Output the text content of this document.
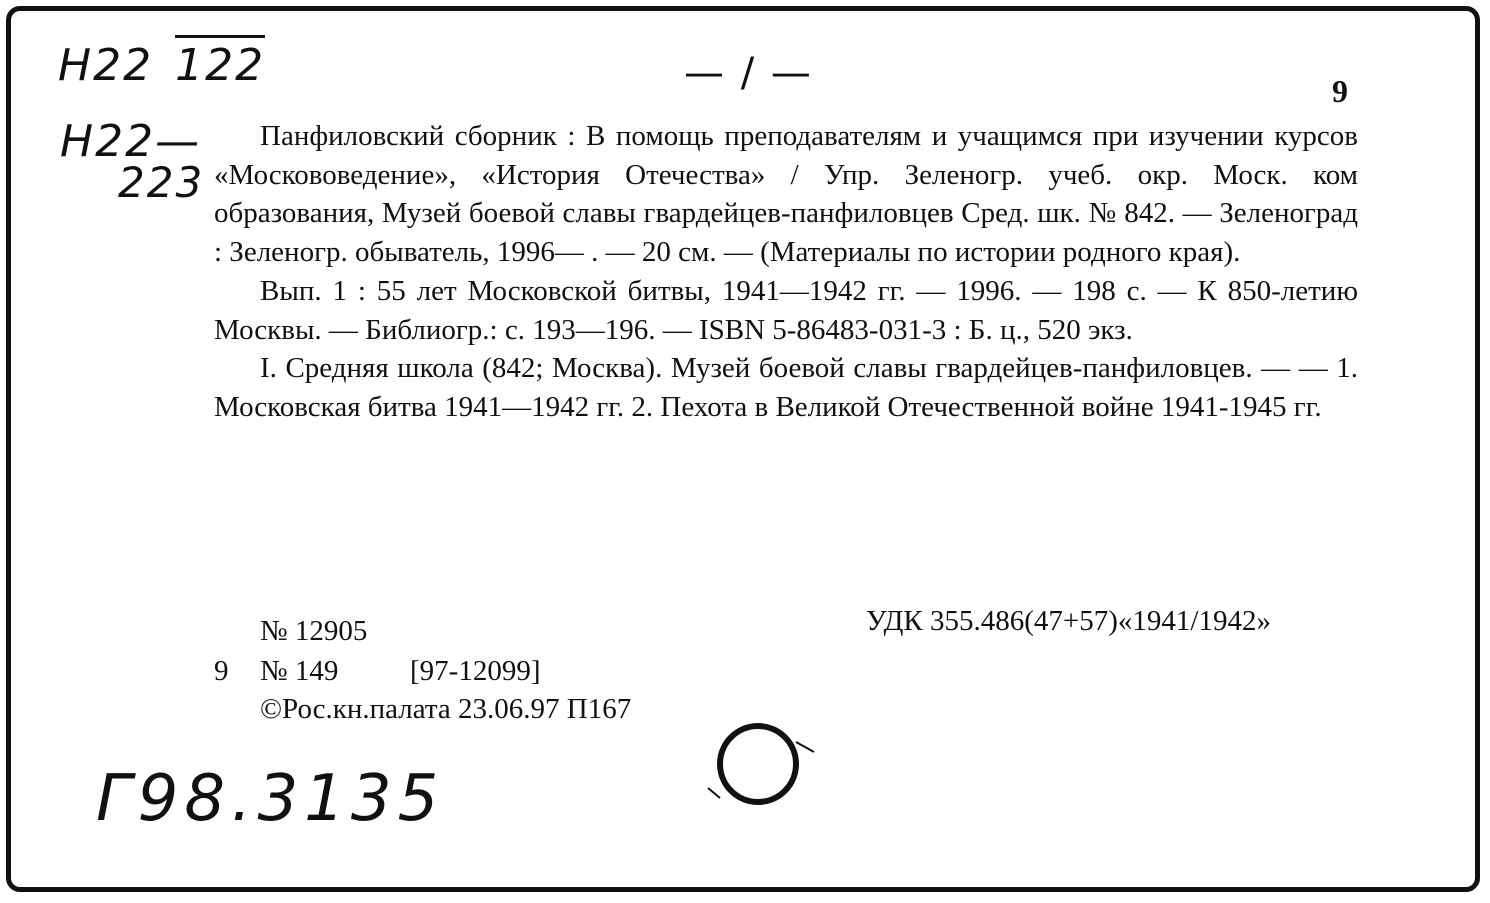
Н22 122
Н22—
223
— / —	9

Панфиловский сборник : В помощь преподавателям и учащимся при изучении курсов «Москововедение», «История Отечества» / Упр. Зеленогр. учеб. окр. Моск. ком образования, Музей боевой славы гвардейцев-панфиловцев Сред. шк. № 842. — Зеленоград : Зеленогр. обыватель, 1996— . — 20 см. — (Материалы по истории родного края).

Вып. 1 : 55 лет Московской битвы, 1941—1942 гг. — 1996. — 198 с. — К 850-летию Москвы. — Библиогр.: с. 193—196. — ISBN 5-86483-031-3 : Б. ц., 520 экз.

I. Средняя школа (842; Москва). Музей боевой славы гвардейцев-панфиловцев. — — 1. Московская битва 1941—1942 гг. 2. Пехота в Великой Отечественной войне 1941-1945 гг.

№ 12905	УДК 355.486(47+57)«1941/1942»
9 № 149 [97-12099]
©Рос.кн.палата 23.06.97 П167
Г98.3135
